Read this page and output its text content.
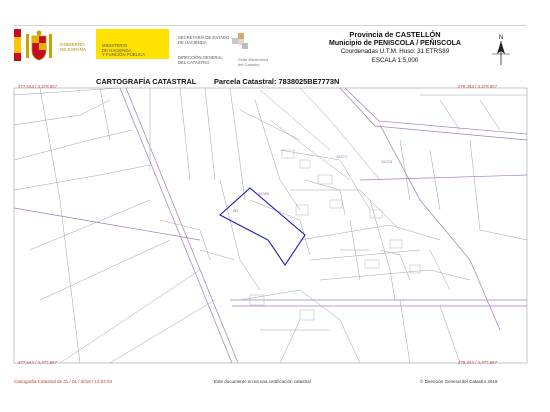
GOBIERNO
DE ESPAÑA
MINISTERIO
DE HACIENDA
Y FUNCIÓN PÚBLICA
SECRETARÍA DE ESTADO
DE HACIENDA
DIRECCIÓN GENERAL
DEL CATASTRO
Sede Electrónica
del Catastro
Provincia de CASTELLÓN
Municipio de PENISCOLA / PEÑISCOLA
Coordenadas U.T.M. Huso: 31 ETRS89
ESCALA 1:5,000
N
CARTOGRAFÍA CATASTRAL Parcela Catastral: 7838025BE7773N
277,644 / 4,478,827	279,344 / 4,478,827
277,644 / 4,477,567	279,344 / 4,477,567
38380
38372
38378
2D
Cartografía Catastral de 31 / 01 / 2018 / 14:04:04	Este documento no es una certificación catastral	© Dirección General del Catastro 2018
